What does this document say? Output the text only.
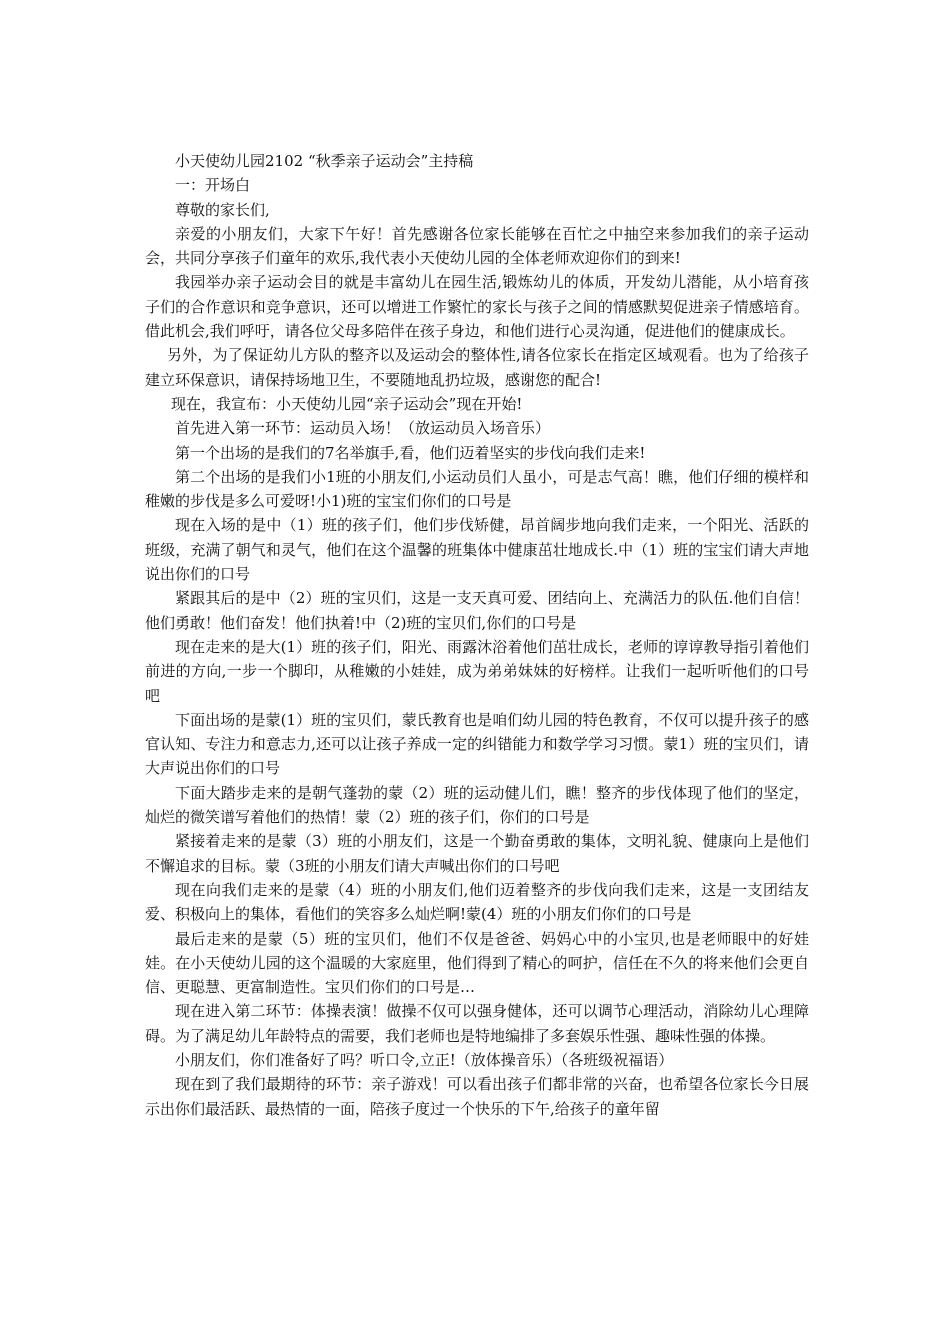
小天使幼儿园2102 “秋季亲子运动会”主持稿

一：开场白

尊敬的家长们,

亲爱的小朋友们，大家下午好！首先感谢各位家长能够在百忙之中抽空来参加我们的亲子运动会，共同分享孩子们童年的欢乐,我代表小天使幼儿园的全体老师欢迎你们的到来!

我园举办亲子运动会目的就是丰富幼儿在园生活,锻炼幼儿的体质，开发幼儿潜能，从小培育孩子们的合作意识和竞争意识，还可以增进工作繁忙的家长与孩子之间的情感默契促进亲子情感培育。借此机会,我们呼吁，请各位父母多陪伴在孩子身边，和他们进行心灵沟通，促进他们的健康成长。

另外，为了保证幼儿方队的整齐以及运动会的整体性,请各位家长在指定区域观看。也为了给孩子建立环保意识，请保持场地卫生，不要随地乱扔垃圾，感谢您的配合!

现在，我宣布：小天使幼儿园“亲子运动会”现在开始!

首先进入第一环节：运动员入场！（放运动员入场音乐）

第一个出场的是我们的7名举旗手,看，他们迈着坚实的步伐向我们走来!

第二个出场的是我们小1班的小朋友们,小运动员们人虽小，可是志气高！瞧，他们仔细的模样和稚嫩的步伐是多么可爱呀!小1)班的宝宝们你们的口号是

现在入场的是中（1）班的孩子们，他们步伐矫健，昂首阔步地向我们走来，一个阳光、活跃的班级，充满了朝气和灵气，他们在这个温馨的班集体中健康茁壮地成长.中（1）班的宝宝们请大声地说出你们的口号

紧跟其后的是中（2）班的宝贝们，这是一支天真可爱、团结向上、充满活力的队伍.他们自信！他们勇敢！他们奋发！他们执着!中（2)班的宝贝们,你们的口号是

现在走来的是大(1）班的孩子们，阳光、雨露沐浴着他们茁壮成长，老师的谆谆教导指引着他们前进的方向,一步一个脚印，从稚嫩的小娃娃，成为弟弟妹妹的好榜样。让我们一起听听他们的口号吧

下面出场的是蒙(1）班的宝贝们，蒙氏教育也是咱们幼儿园的特色教育，不仅可以提升孩子的感官认知、专注力和意志力,还可以让孩子养成一定的纠错能力和数学学习习惯。蒙1）班的宝贝们，请大声说出你们的口号

下面大踏步走来的是朝气蓬勃的蒙（2）班的运动健儿们，瞧！整齐的步伐体现了他们的坚定，灿烂的微笑谱写着他们的热情！蒙（2）班的孩子们，你们的口号是

紧接着走来的是蒙（3）班的小朋友们，这是一个勤奋勇敢的集体，文明礼貌、健康向上是他们不懈追求的目标。蒙（3班的小朋友们请大声喊出你们的口号吧

现在向我们走来的是蒙（4）班的小朋友们,他们迈着整齐的步伐向我们走来，这是一支团结友爱、积极向上的集体，看他们的笑容多么灿烂啊!蒙(4）班的小朋友们你们的口号是

最后走来的是蒙（5）班的宝贝们，他们不仅是爸爸、妈妈心中的小宝贝,也是老师眼中的好娃娃。在小天使幼儿园的这个温暖的大家庭里，他们得到了精心的呵护，信任在不久的将来他们会更自信、更聪慧、更富制造性。宝贝们你们的口号是…

现在进入第二环节：体操表演！做操不仅可以强身健体，还可以调节心理活动，消除幼儿心理障碍。为了满足幼儿年龄特点的需要，我们老师也是特地编排了多套娱乐性强、趣味性强的体操。

小朋友们，你们准备好了吗？听口令,立正!（放体操音乐）（各班级祝福语）

现在到了我们最期待的环节：亲子游戏！可以看出孩子们都非常的兴奋，也希望各位家长今日展示出你们最活跃、最热情的一面，陪孩子度过一个快乐的下午,给孩子的童年留
